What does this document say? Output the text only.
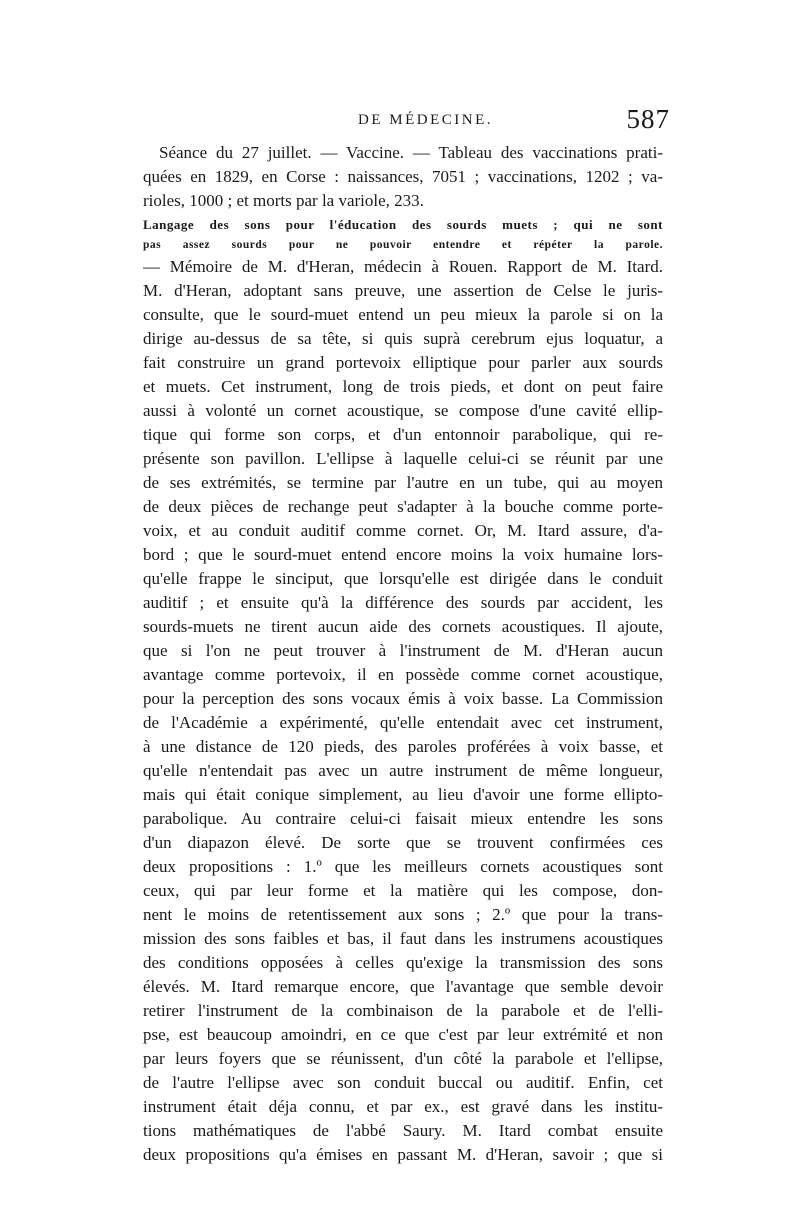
DE MÉDECINE.	587
Séance du 27 juillet. — Vaccine. — Tableau des vaccinations prati-
quées en 1829, en Corse : naissances, 7051 ; vaccinations, 1202 ; va-
rioles, 1000 ; et morts par la variole, 233.
Langage des sons pour l'éducation des sourds muets ; qui ne sont
pas assez sourds pour ne pouvoir entendre et répéter la parole.
— Mémoire de M. d'Heran, médecin à Rouen. Rapport de M. Itard.
M. d'Heran, adoptant sans preuve, une assertion de Celse le juris-
consulte, que le sourd-muet entend un peu mieux la parole si on la
dirige au-dessus de sa tête, si quis suprà cerebrum ejus loquatur, a
fait construire un grand portevoix elliptique pour parler aux sourds
et muets. Cet instrument, long de trois pieds, et dont on peut faire
aussi à volonté un cornet acoustique, se compose d'une cavité ellip-
tique qui forme son corps, et d'un entonnoir parabolique, qui re-
présente son pavillon. L'ellipse à laquelle celui-ci se réunit par une
de ses extrémités, se termine par l'autre en un tube, qui au moyen
de deux pièces de rechange peut s'adapter à la bouche comme porte-
voix, et au conduit auditif comme cornet. Or, M. Itard assure, d'a-
bord ; que le sourd-muet entend encore moins la voix humaine lors-
qu'elle frappe le sinciput, que lorsqu'elle est dirigée dans le conduit
auditif ; et ensuite qu'à la différence des sourds par accident, les
sourds-muets ne tirent aucun aide des cornets acoustiques. Il ajoute,
que si l'on ne peut trouver à l'instrument de M. d'Heran aucun
avantage comme portevoix, il en possède comme cornet acoustique,
pour la perception des sons vocaux émis à voix basse. La Commission
de l'Académie a expérimenté, qu'elle entendait avec cet instrument,
à une distance de 120 pieds, des paroles proférées à voix basse, et
qu'elle n'entendait pas avec un autre instrument de même longueur,
mais qui était conique simplement, au lieu d'avoir une forme ellipto-
parabolique. Au contraire celui-ci faisait mieux entendre les sons
d'un diapazon élevé. De sorte que se trouvent confirmées ces
deux propositions : 1.º que les meilleurs cornets acoustiques sont
ceux, qui par leur forme et la matière qui les compose, don-
nent le moins de retentissement aux sons ; 2.º que pour la trans-
mission des sons faibles et bas, il faut dans les instrumens acoustiques
des conditions opposées à celles qu'exige la transmission des sons
élevés. M. Itard remarque encore, que l'avantage que semble devoir
retirer l'instrument de la combinaison de la parabole et de l'elli-
pse, est beaucoup amoindri, en ce que c'est par leur extrémité et non
par leurs foyers que se réunissent, d'un côté la parabole et l'ellipse,
de l'autre l'ellipse avec son conduit buccal ou auditif. Enfin, cet
instrument était déja connu, et par ex., est gravé dans les institu-
tions mathématiques de l'abbé Saury. M. Itard combat ensuite
deux propositions qu'a émises en passant M. d'Heran, savoir ; que si
